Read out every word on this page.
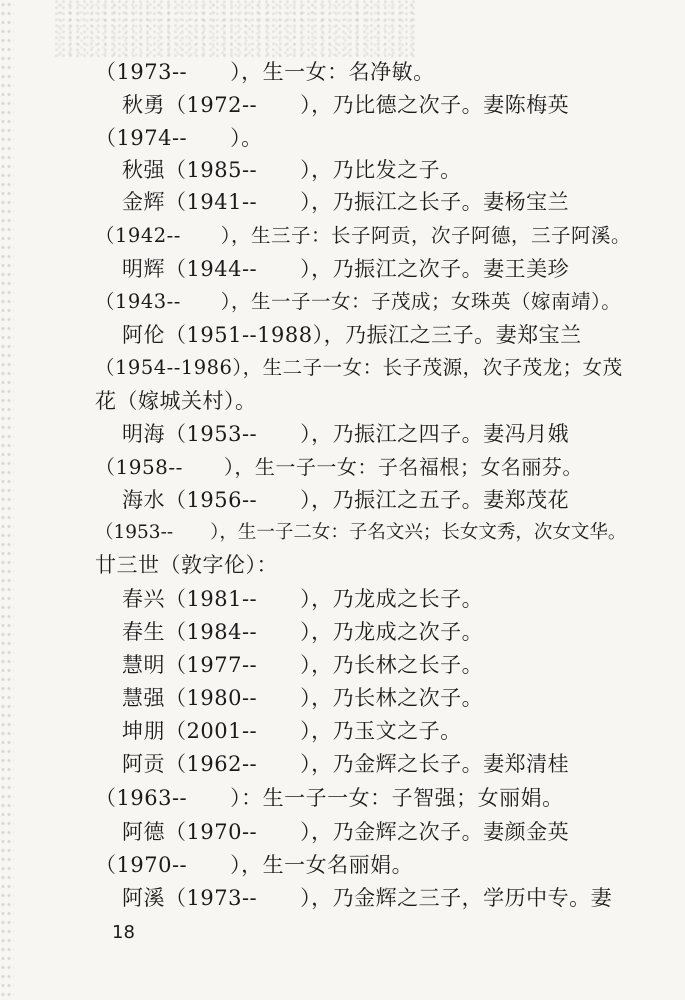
（1973--　　），生一女：名净敏。
秋勇（1972--　　），乃比德之次子。妻陈梅英
（1974--　　）。
秋强（1985--　　），乃比发之子。
金辉（1941--　　），乃振江之长子。妻杨宝兰
（1942--　　），生三子：长子阿贡，次子阿德，三子阿溪。
明辉（1944--　　），乃振江之次子。妻王美珍
（1943--　　），生一子一女：子茂成；女珠英（嫁南靖）。
阿伦（1951--1988），乃振江之三子。妻郑宝兰
（1954--1986），生二子一女：长子茂源，次子茂龙；女茂
花（嫁城关村）。
明海（1953--　　），乃振江之四子。妻冯月娥
（1958--　　），生一子一女：子名福根；女名丽芬。
海水（1956--　　），乃振江之五子。妻郑茂花
（1953--　　），生一子二女：子名文兴；长女文秀，次女文华。
廿三世（敦字伦）：
春兴（1981--　　），乃龙成之长子。
春生（1984--　　），乃龙成之次子。
慧明（1977--　　），乃长林之长子。
慧强（1980--　　），乃长林之次子。
坤朋（2001--　　），乃玉文之子。
阿贡（1962--　　），乃金辉之长子。妻郑清桂
（1963--　　）：生一子一女：子智强；女丽娟。
阿德（1970--　　），乃金辉之次子。妻颜金英
（1970--　　），生一女名丽娟。
阿溪（1973--　　），乃金辉之三子，学历中专。妻
18
